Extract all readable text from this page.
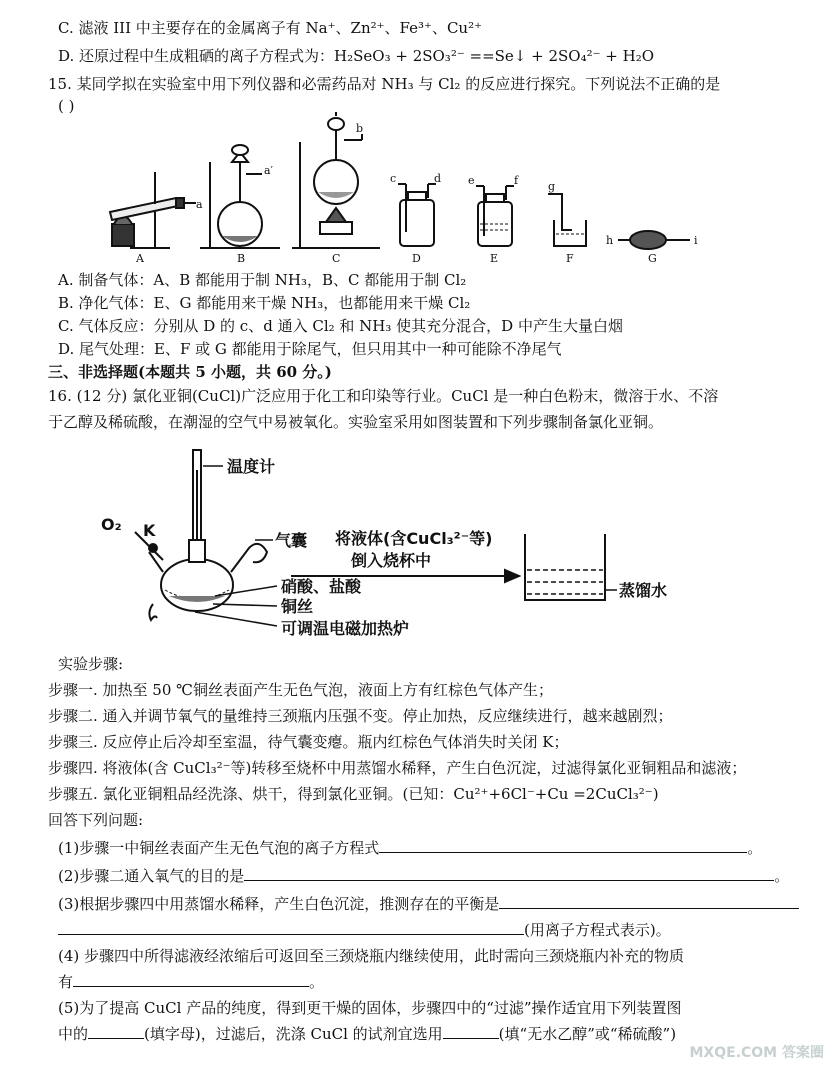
C. 滤液 III 中主要存在的金属离子有 Na⁺、Zn²⁺、Fe³⁺、Cu²⁺
D. 还原过程中生成粗硒的离子方程式为：H₂SeO₃ + 2SO₃²⁻ ==Se↓ + 2SO₄²⁻ + H₂O
15. 某同学拟在实验室中用下列仪器和必需药品对 NH₃ 与 Cl₂ 的反应进行探究。下列说法不正确的是
( )
a
A
a′
B
b
C
c	d
D
e	f
E
g
F
h	i
G
A. 制备气体：A、B 都能用于制 NH₃，B、C 都能用于制 Cl₂
B. 净化气体：E、G 都能用来干燥 NH₃，也都能用来干燥 Cl₂
C. 气体反应：分别从 D 的 c、d 通入 Cl₂ 和 NH₃ 使其充分混合，D 中产生大量白烟
D. 尾气处理：E、F 或 G 都能用于除尾气，但只用其中一种可能除不净尾气
三、非选择题(本题共 5 小题，共 60 分。)
16. (12 分) 氯化亚铜(CuCl)广泛应用于化工和印染等行业。CuCl 是一种白色粉末，微溶于水、不溶
于乙醇及稀硫酸，在潮湿的空气中易被氧化。实验室采用如图装置和下列步骤制备氯化亚铜。
温度计
O₂ K
气囊 将液体(含CuCl₃²⁻等)
倒入烧杯中
硝酸、盐酸
铜丝
可调温电磁加热炉
蒸馏水
实验步骤:
步骤一. 加热至 50 ℃铜丝表面产生无色气泡，液面上方有红棕色气体产生；
步骤二. 通入并调节氧气的量维持三颈瓶内压强不变。停止加热，反应继续进行，越来越剧烈；
步骤三. 反应停止后冷却至室温，待气囊变瘪。瓶内红棕色气体消失时关闭 K；
步骤四. 将液体(含 CuCl₃²⁻等)转移至烧杯中用蒸馏水稀释，产生白色沉淀，过滤得氯化亚铜粗品和滤液；
步骤五. 氯化亚铜粗品经洗涤、烘干，得到氯化亚铜。(已知：Cu²⁺+6Cl⁻+Cu =2CuCl₃²⁻)
回答下列问题:
(1)步骤一中铜丝表面产生无色气泡的离子方程式	。
(2)步骤二通入氧气的目的是	。
(3)根据步骤四中用蒸馏水稀释，产生白色沉淀，推测存在的平衡是
(用离子方程式表示)。
(4) 步骤四中所得滤液经浓缩后可返回至三颈烧瓶内继续使用，此时需向三颈烧瓶内补充的物质
有	。
(5)为了提高 CuCl 产品的纯度，得到更干燥的固体，步骤四中的“过滤”操作适宜用下列装置图
中的	(填字母)，过滤后，洗涤 CuCl 的试剂宜选用	(填“无水乙醇”或“稀硫酸”)
MXQE.COM 答案圈
